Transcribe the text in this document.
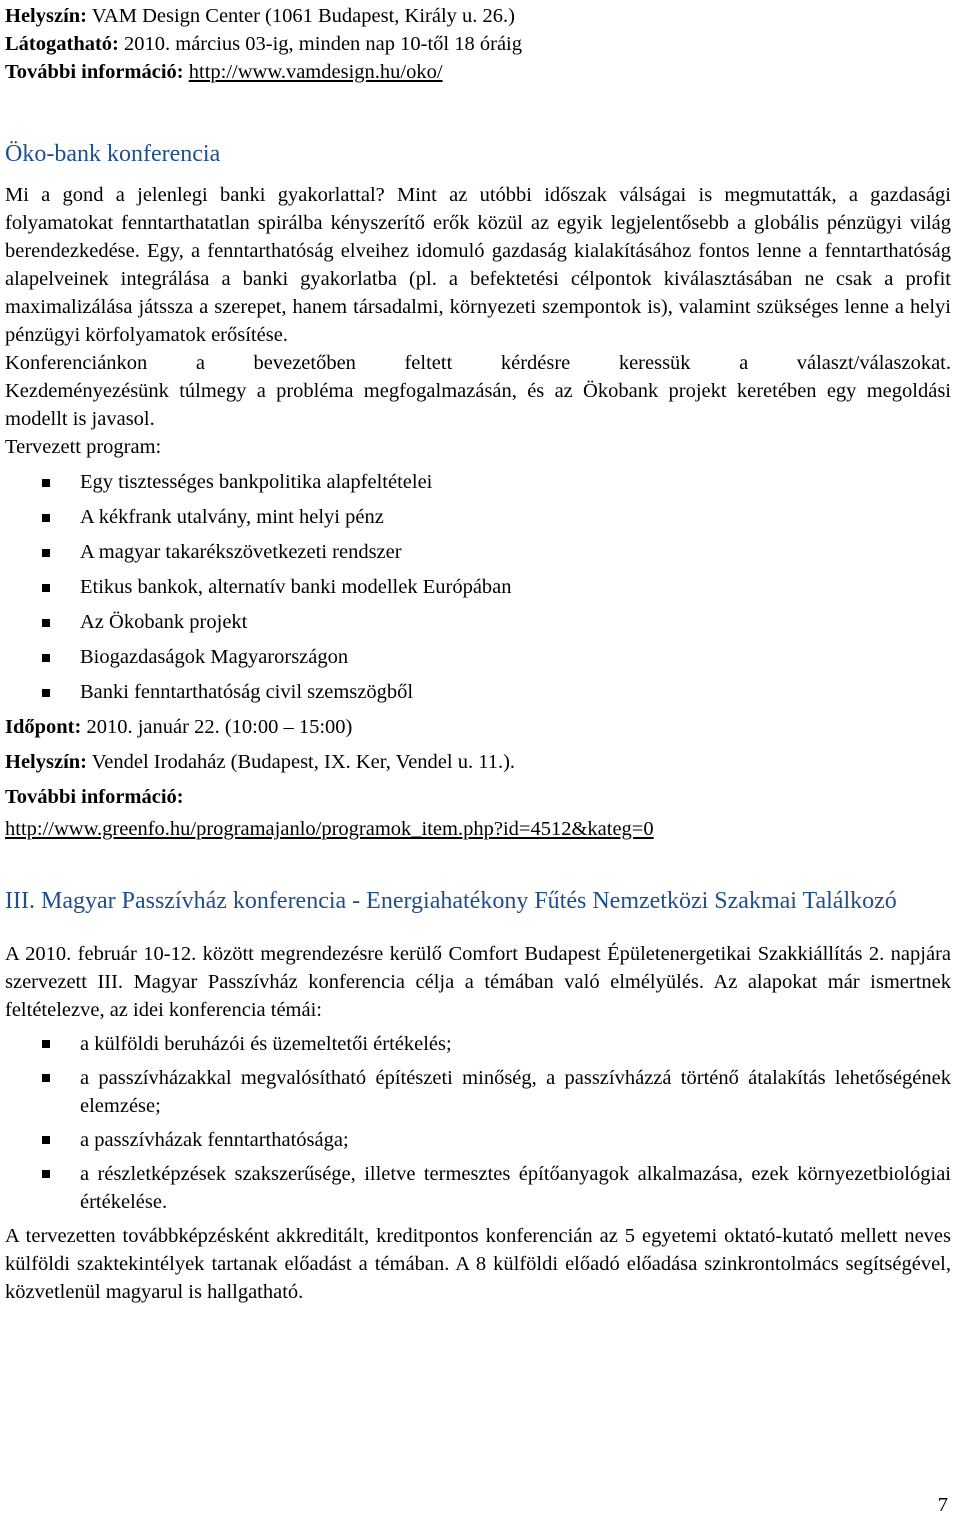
Helyszín: VAM Design Center (1061 Budapest, Király u. 26.)

Látogatható: 2010. március 03-ig, minden nap 10-től 18 óráig

További információ: http://www.vamdesign.hu/oko/

Öko-bank konferencia

Mi a gond a jelenlegi banki gyakorlattal? Mint az utóbbi időszak válságai is megmutatták, a gazdasági folyamatokat fenntarthatatlan spirálba kényszerítő erők közül az egyik legjelentősebb a globális pénzügyi világ berendezkedése. Egy, a fenntarthatóság elveihez idomuló gazdaság kialakításához fontos lenne a fenntarthatóság alapelveinek integrálása a banki gyakorlatba (pl. a befektetési célpontok kiválasztásában ne csak a profit maximalizálása játssza a szerepet, hanem társadalmi, környezeti szempontok is), valamint szükséges lenne a helyi pénzügyi körfolyamatok erősítése.

Konferenciánkon a bevezetőben feltett kérdésre keressük a választ/válaszokat.

Kezdeményezésünk túlmegy a probléma megfogalmazásán, és az Ökobank projekt keretében egy megoldási modellt is javasol.

Tervezett program:

Egy tisztességes bankpolitika alapfeltételei
A kékfrank utalvány, mint helyi pénz
A magyar takarékszövetkezeti rendszer
Etikus bankok, alternatív banki modellek Európában
Az Ökobank projekt
Biogazdaságok Magyarországon
Banki fenntarthatóság civil szemszögből

Időpont: 2010. január 22. (10:00 – 15:00)

Helyszín: Vendel Irodaház (Budapest, IX. Ker, Vendel u. 11.).

További információ:

http://www.greenfo.hu/programajanlo/programok_item.php?id=4512&kateg=0

III. Magyar Passzívház konferencia - Energiahatékony Fűtés Nemzetközi Szakmai Találkozó

A 2010. február 10-12. között megrendezésre kerülő Comfort Budapest Épületenergetikai Szakkiállítás 2. napjára szervezett III. Magyar Passzívház konferencia célja a témában való elmélyülés. Az alapokat már ismertnek feltételezve, az idei konferencia témái:

a külföldi beruházói és üzemeltetői értékelés;
a passzívházakkal megvalósítható építészeti minőség, a passzívházzá történő átalakítás lehetőségének elemzése;
a passzívházak fenntarthatósága;
a részletképzések szakszerűsége, illetve termesztes építőanyagok alkalmazása, ezek környezetbiológiai értékelése.

A tervezetten továbbképzésként akkreditált, kreditpontos konferencián az 5 egyetemi oktató-kutató mellett neves külföldi szaktekintélyek tartanak előadást a témában. A 8 külföldi előadó előadása szinkrontolmács segítségével, közvetlenül magyarul is hallgatható.

7
